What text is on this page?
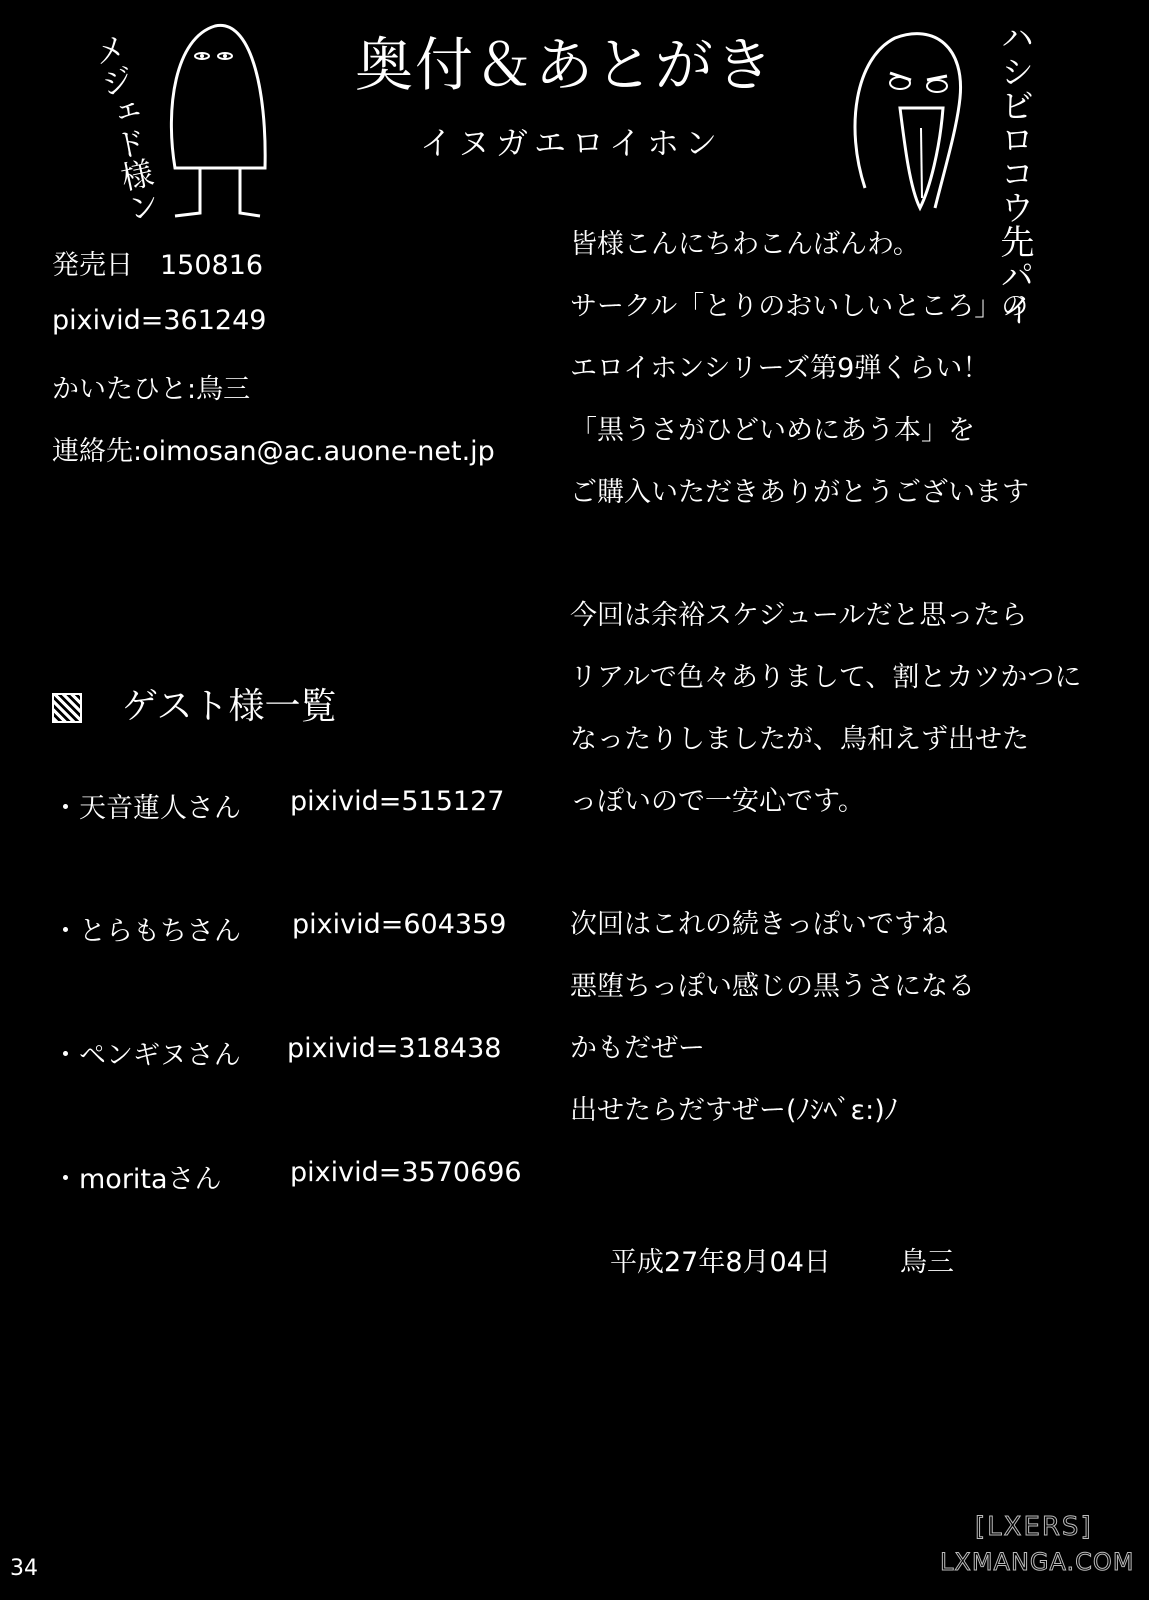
奥付＆あとがき
イヌガエロイホン
メジェド様ン	ハシビロコウ先パイ
発売日　150816
pixivid=361249
かいたひと:鳥三
連絡先:oimosan@ac.auone-net.jp
皆様こんにちわこんばんわ。
サークル「とりのおいしいところ」の
エロイホンシリーズ第9弾くらい！
「黒うさがひどいめにあう本」を
ご購入いただきありがとうございます
今回は余裕スケジュールだと思ったら
リアルで色々ありまして、割とカツかつに
なったりしましたが、鳥和えず出せた
っぽいので一安心です。
次回はこれの続きっぽいですね
悪堕ちっぽい感じの黒うさになる
かもだぜー
出せたらだすぜー(ﾉｼﾍﾞɛ:)ﾉ
ゲスト様一覧
・天音蓮人さん pixivid=515127
・とらもちさん pixivid=604359
・ペンギヌさん pixivid=318438
・moritaさん	pixivid=3570696
平成27年8月04日	鳥三
34
[LXERS]
LXMANGA.COM
